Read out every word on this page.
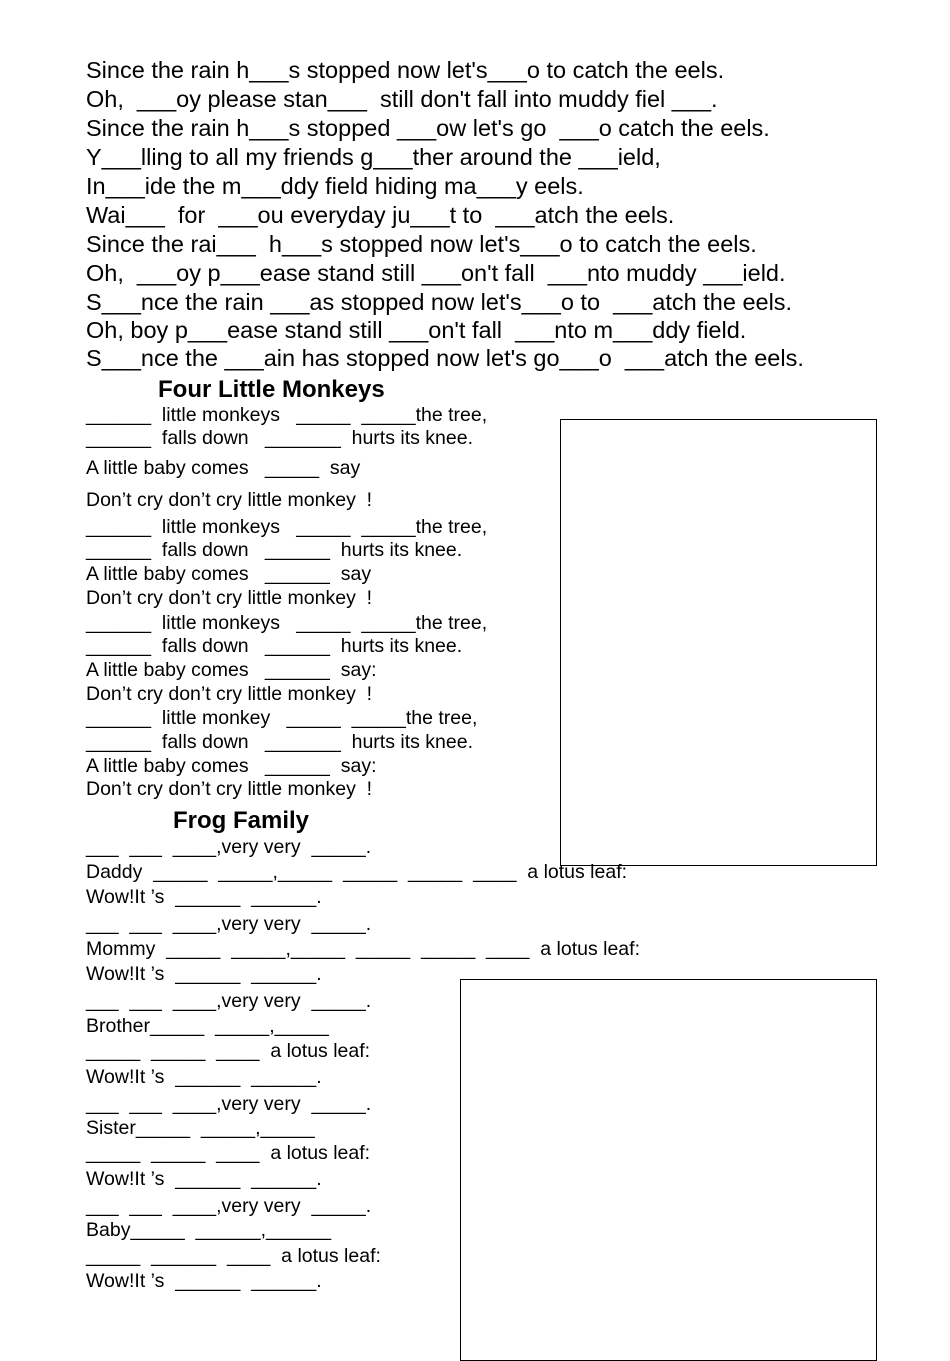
Since the rain h___s stopped now let's___o to catch the eels.
Oh,  ___oy please stan___  still don't fall into muddy fiel ___.
Since the rain h___s stopped ___ow let's go  ___o catch the eels.
Y___lling to all my friends g___ther around the ___ield,
In___ide the m___ddy field hiding ma___y eels.
Wai___  for  ___ou everyday ju___t to  ___atch the eels.
Since the rai___  h___s stopped now let's___o to catch the eels.
Oh,  ___oy p___ease stand still ___on't fall  ___nto muddy ___ield.
S___nce the rain ___as stopped now let's___o to  ___atch the eels.
Oh, boy p___ease stand still ___on't fall  ___nto m___ddy field.
S___nce the ___ain has stopped now let's go___o  ___atch the eels.
Four Little Monkeys
______  little monkeys   _____  _____the tree,
______  falls down   _______  hurts its knee.
A little baby comes   _____  say
Don’t cry don’t cry little monkey  !
______  little monkeys   _____  _____the tree,
______  falls down   ______  hurts its knee.
A little baby comes   ______  say
Don’t cry don’t cry little monkey  !
______  little monkeys   _____  _____the tree,
______  falls down   ______  hurts its knee.
A little baby comes   ______  say:
Don’t cry don’t cry little monkey  !
______  little monkey   _____  _____the tree,
______  falls down   _______  hurts its knee.
A little baby comes   ______  say:
Don’t cry don’t cry little monkey  !
Frog Family
___  ___  ____,very very  _____.
Daddy  _____  _____,_____  _____  _____  ____  a lotus leaf:
Wow!It ’s  ______  ______.
___  ___  ____,very very  _____.
Mommy  _____  _____,_____  _____  _____  ____  a lotus leaf:
Wow!It ’s  ______  ______.
___  ___  ____,very very  _____.
Brother_____  _____,_____
_____  _____  ____  a lotus leaf:
Wow!It ’s  ______  ______.
___  ___  ____,very very  _____.
Sister_____  _____,_____
_____  _____  ____  a lotus leaf:
Wow!It ’s  ______  ______.
___  ___  ____,very very  _____.
Baby_____  ______,______
_____  ______  ____  a lotus leaf:
Wow!It ’s  ______  ______.
